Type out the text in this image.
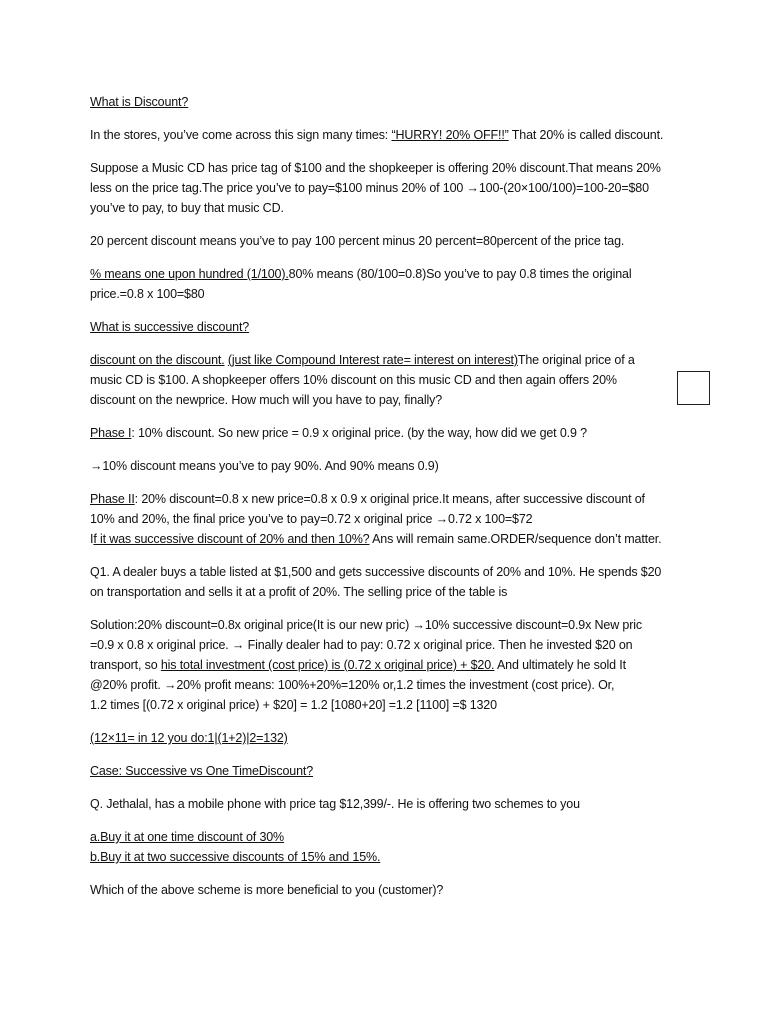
What is Discount?

In the stores, you’ve come across this sign many times: “HURRY! 20% OFF!!” That 20% is called discount.

Suppose a Music CD has price tag of $100 and the shopkeeper is offering 20% discount.That means 20%
less on the price tag.The price you’ve to pay=$100 minus 20% of 100 →100-(20×100/100)=100-20=$80
you’ve to pay, to buy that music CD.

20 percent discount means you’ve to pay 100 percent minus 20 percent=80percent of the price tag.

% means one upon hundred (1/100).80% means (80/100=0.8)So you’ve to pay 0.8 times the original
price.=0.8 x 100=$80

What is successive discount?

discount on the discount. (just like Compound Interest rate= interest on interest)The original price of a
music CD is $100. A shopkeeper offers 10% discount on this music CD and then again offers 20%
discount on the newprice. How much will you have to pay, finally?

Phase I: 10% discount. So new price = 0.9 x original price. (by the way, how did we get 0.9 ?

→10% discount means you’ve to pay 90%. And 90% means 0.9)

Phase II: 20% discount=0.8 x new price=0.8 x 0.9 x original price.It means, after successive discount of
10% and 20%, the final price you’ve to pay=0.72 x original price →0.72 x 100=$72
If it was successive discount of 20% and then 10%? Ans will remain same.ORDER/sequence don’t matter.

Q1. A dealer buys a table listed at $1,500 and gets successive discounts of 20% and 10%. He spends $20
on transportation and sells it at a profit of 20%. The selling price of the table is

Solution:20% discount=0.8x original price(It is our new pric) →10% successive discount=0.9x New pric
=0.9 x 0.8 x original price. → Finally dealer had to pay: 0.72 x original price. Then he invested $20 on
transport, so his total investment (cost price) is (0.72 x original price) + $20. And ultimately he sold It
@20% profit. →20% profit means: 100%+20%=120% or,1.2 times the investment (cost price). Or,
1.2 times [(0.72 x original price) + $20] = 1.2 [1080+20] =1.2 [1100] =$ 1320

(12×11= in 12 you do:1|(1+2)|2=132)

Case: Successive vs One TimeDiscount?

Q. Jethalal, has a mobile phone with price tag $12,399/-. He is offering two schemes to you

a.Buy it at one time discount of 30%
b.Buy it at two successive discounts of 15% and 15%.

Which of the above scheme is more beneficial to you (customer)?
